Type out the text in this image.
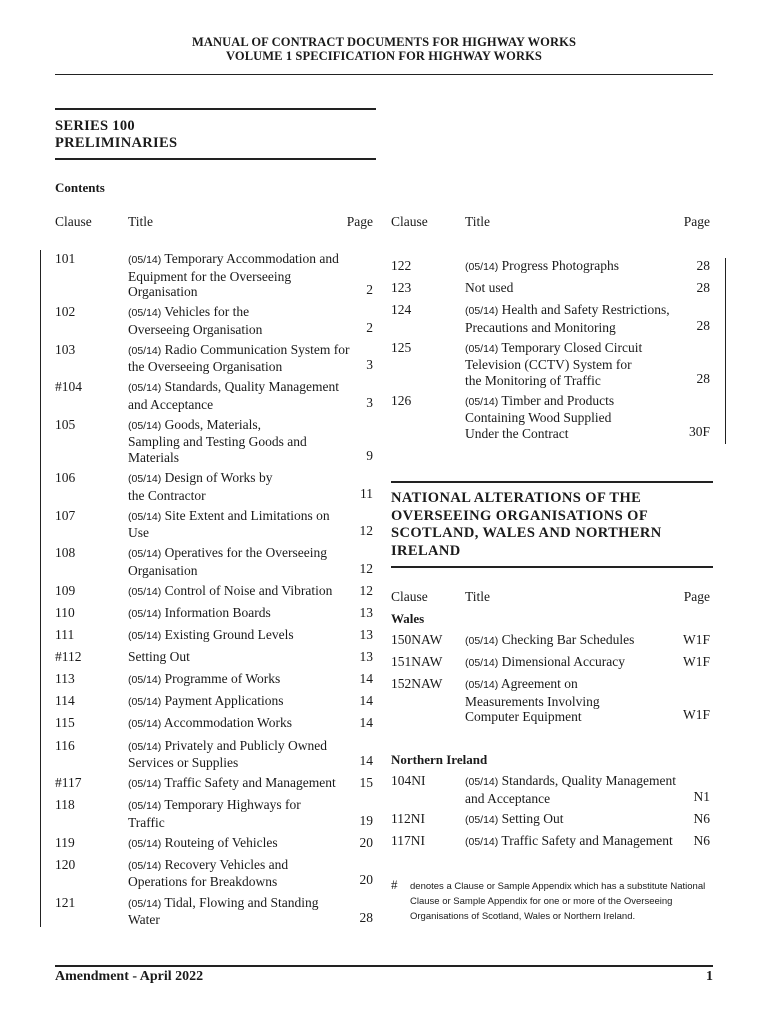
MANUAL OF CONTRACT DOCUMENTS FOR HIGHWAY WORKS
VOLUME 1 SPECIFICATION FOR HIGHWAY WORKS
SERIES 100
PRELIMINARIES
Contents
Clause	Title	Page Clause	Title	Page
101	(05/14) Temporary Accommodation and
Equipment for the Overseeing
Organisation	2
102	(05/14) Vehicles for the
Overseeing Organisation	2
103	(05/14) Radio Communication System for
the Overseeing Organisation	3
#104	(05/14) Standards, Quality Management
and Acceptance	3
105	(05/14) Goods, Materials,
Sampling and Testing Goods and
Materials	9
106	(05/14) Design of Works by
the Contractor	11
107	(05/14) Site Extent and Limitations on
Use	12
108	(05/14) Operatives for the Overseeing
Organisation	12
109	(05/14) Control of Noise and Vibration 12
110	(05/14) Information Boards	13
111	(05/14) Existing Ground Levels	13
#112	Setting Out	13
113	(05/14) Programme of Works	14
114	(05/14) Payment Applications	14
115	(05/14) Accommodation Works	14
116	(05/14) Privately and Publicly Owned
Services or Supplies	14
#117	(05/14) Traffic Safety and Management 15
118	(05/14) Temporary Highways for
Traffic	19
119	(05/14) Routeing of Vehicles	20
120	(05/14) Recovery Vehicles and
Operations for Breakdowns	20
121	(05/14) Tidal, Flowing and Standing
Water	28
122	(05/14) Progress Photographs	28
123	Not used	28
124	(05/14) Health and Safety Restrictions,
Precautions and Monitoring	28
125	(05/14) Temporary Closed Circuit
Television (CCTV) System for
the Monitoring of Traffic	28
126	(05/14) Timber and Products
Containing Wood Supplied
Under the Contract	30F
NATIONAL ALTERATIONS OF THE
OVERSEEING ORGANISATIONS OF
SCOTLAND, WALES AND NORTHERN
IRELAND
Clause	Title	Page
Wales
150NAW (05/14) Checking Bar Schedules	W1F
151NAW (05/14) Dimensional Accuracy	W1F
152NAW (05/14) Agreement on
Measurements Involving
Computer Equipment	W1F
Northern Ireland
104NI	(05/14) Standards, Quality Management
and Acceptance	N1
112NI	(05/14) Setting Out	N6
117NI	(05/14) Traffic Safety and Management N6
# denotes a Clause or Sample Appendix which has a substitute National Clause or Sample Appendix for one or more of the Overseeing Organisations of Scotland, Wales or Northern Ireland.
Amendment - April 2022	1
